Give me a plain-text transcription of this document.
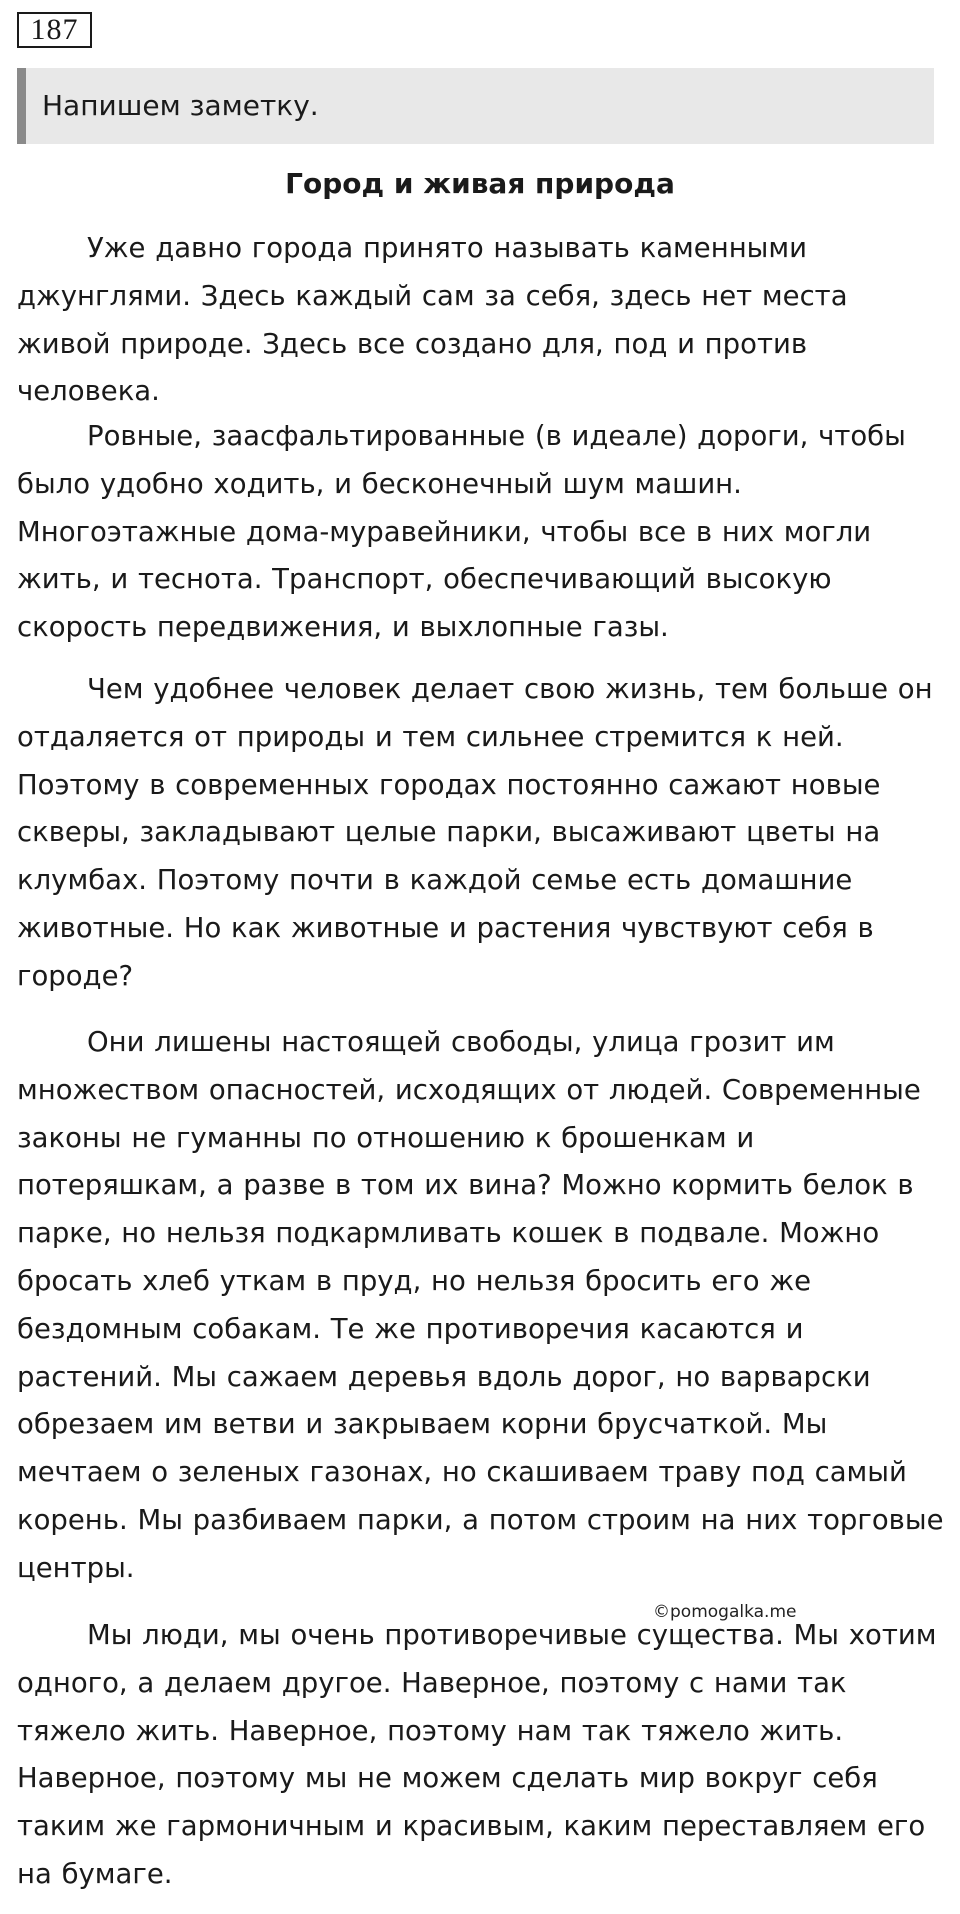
187
Напишем заметку.
Город и живая природа

Уже давно города принято называть каменными джунглями. Здесь каждый сам за себя, здесь нет места живой природе. Здесь все создано для, под и против человека.

Ровные, заасфальтированные (в идеале) дороги, чтобы было удобно ходить, и бесконечный шум машин. Многоэтажные дома-муравейники, чтобы все в них могли жить, и теснота. Транспорт, обеспечивающий высокую скорость передвижения, и выхлопные газы.

Чем удобнее человек делает свою жизнь, тем больше он отдаляется от природы и тем сильнее стремится к ней. Поэтому в современных городах постоянно сажают новые скверы, закладывают целые парки, высаживают цветы на клумбах. Поэтому почти в каждой семье есть домашние животные. Но как животные и растения чувствуют себя в городе?

Они лишены настоящей свободы, улица грозит им множеством опасностей, исходящих от людей. Современные законы не гуманны по отношению к брошенкам и потеряшкам, а разве в том их вина? Можно кормить белок в парке, но нельзя подкармливать кошек в подвале. Можно бросать хлеб уткам в пруд, но нельзя бросить его же бездомным собакам. Те же противоречия касаются и растений. Мы сажаем деревья вдоль дорог, но варварски обрезаем им ветви и закрываем корни брусчаткой. Мы мечтаем о зеленых газонах, но скашиваем траву под самый корень. Мы разбиваем парки, а потом строим на них торговые центры.

Мы люди, мы очень противоречивые существа. Мы хотим одного, а делаем другое. Наверное, поэтому с нами так тяжело жить. Наверное, поэтому нам так тяжело жить. Наверное, поэтому мы не можем сделать мир вокруг себя таким же гармоничным и красивым, каким переставляем его на бумаге.

©pomogalka.me
